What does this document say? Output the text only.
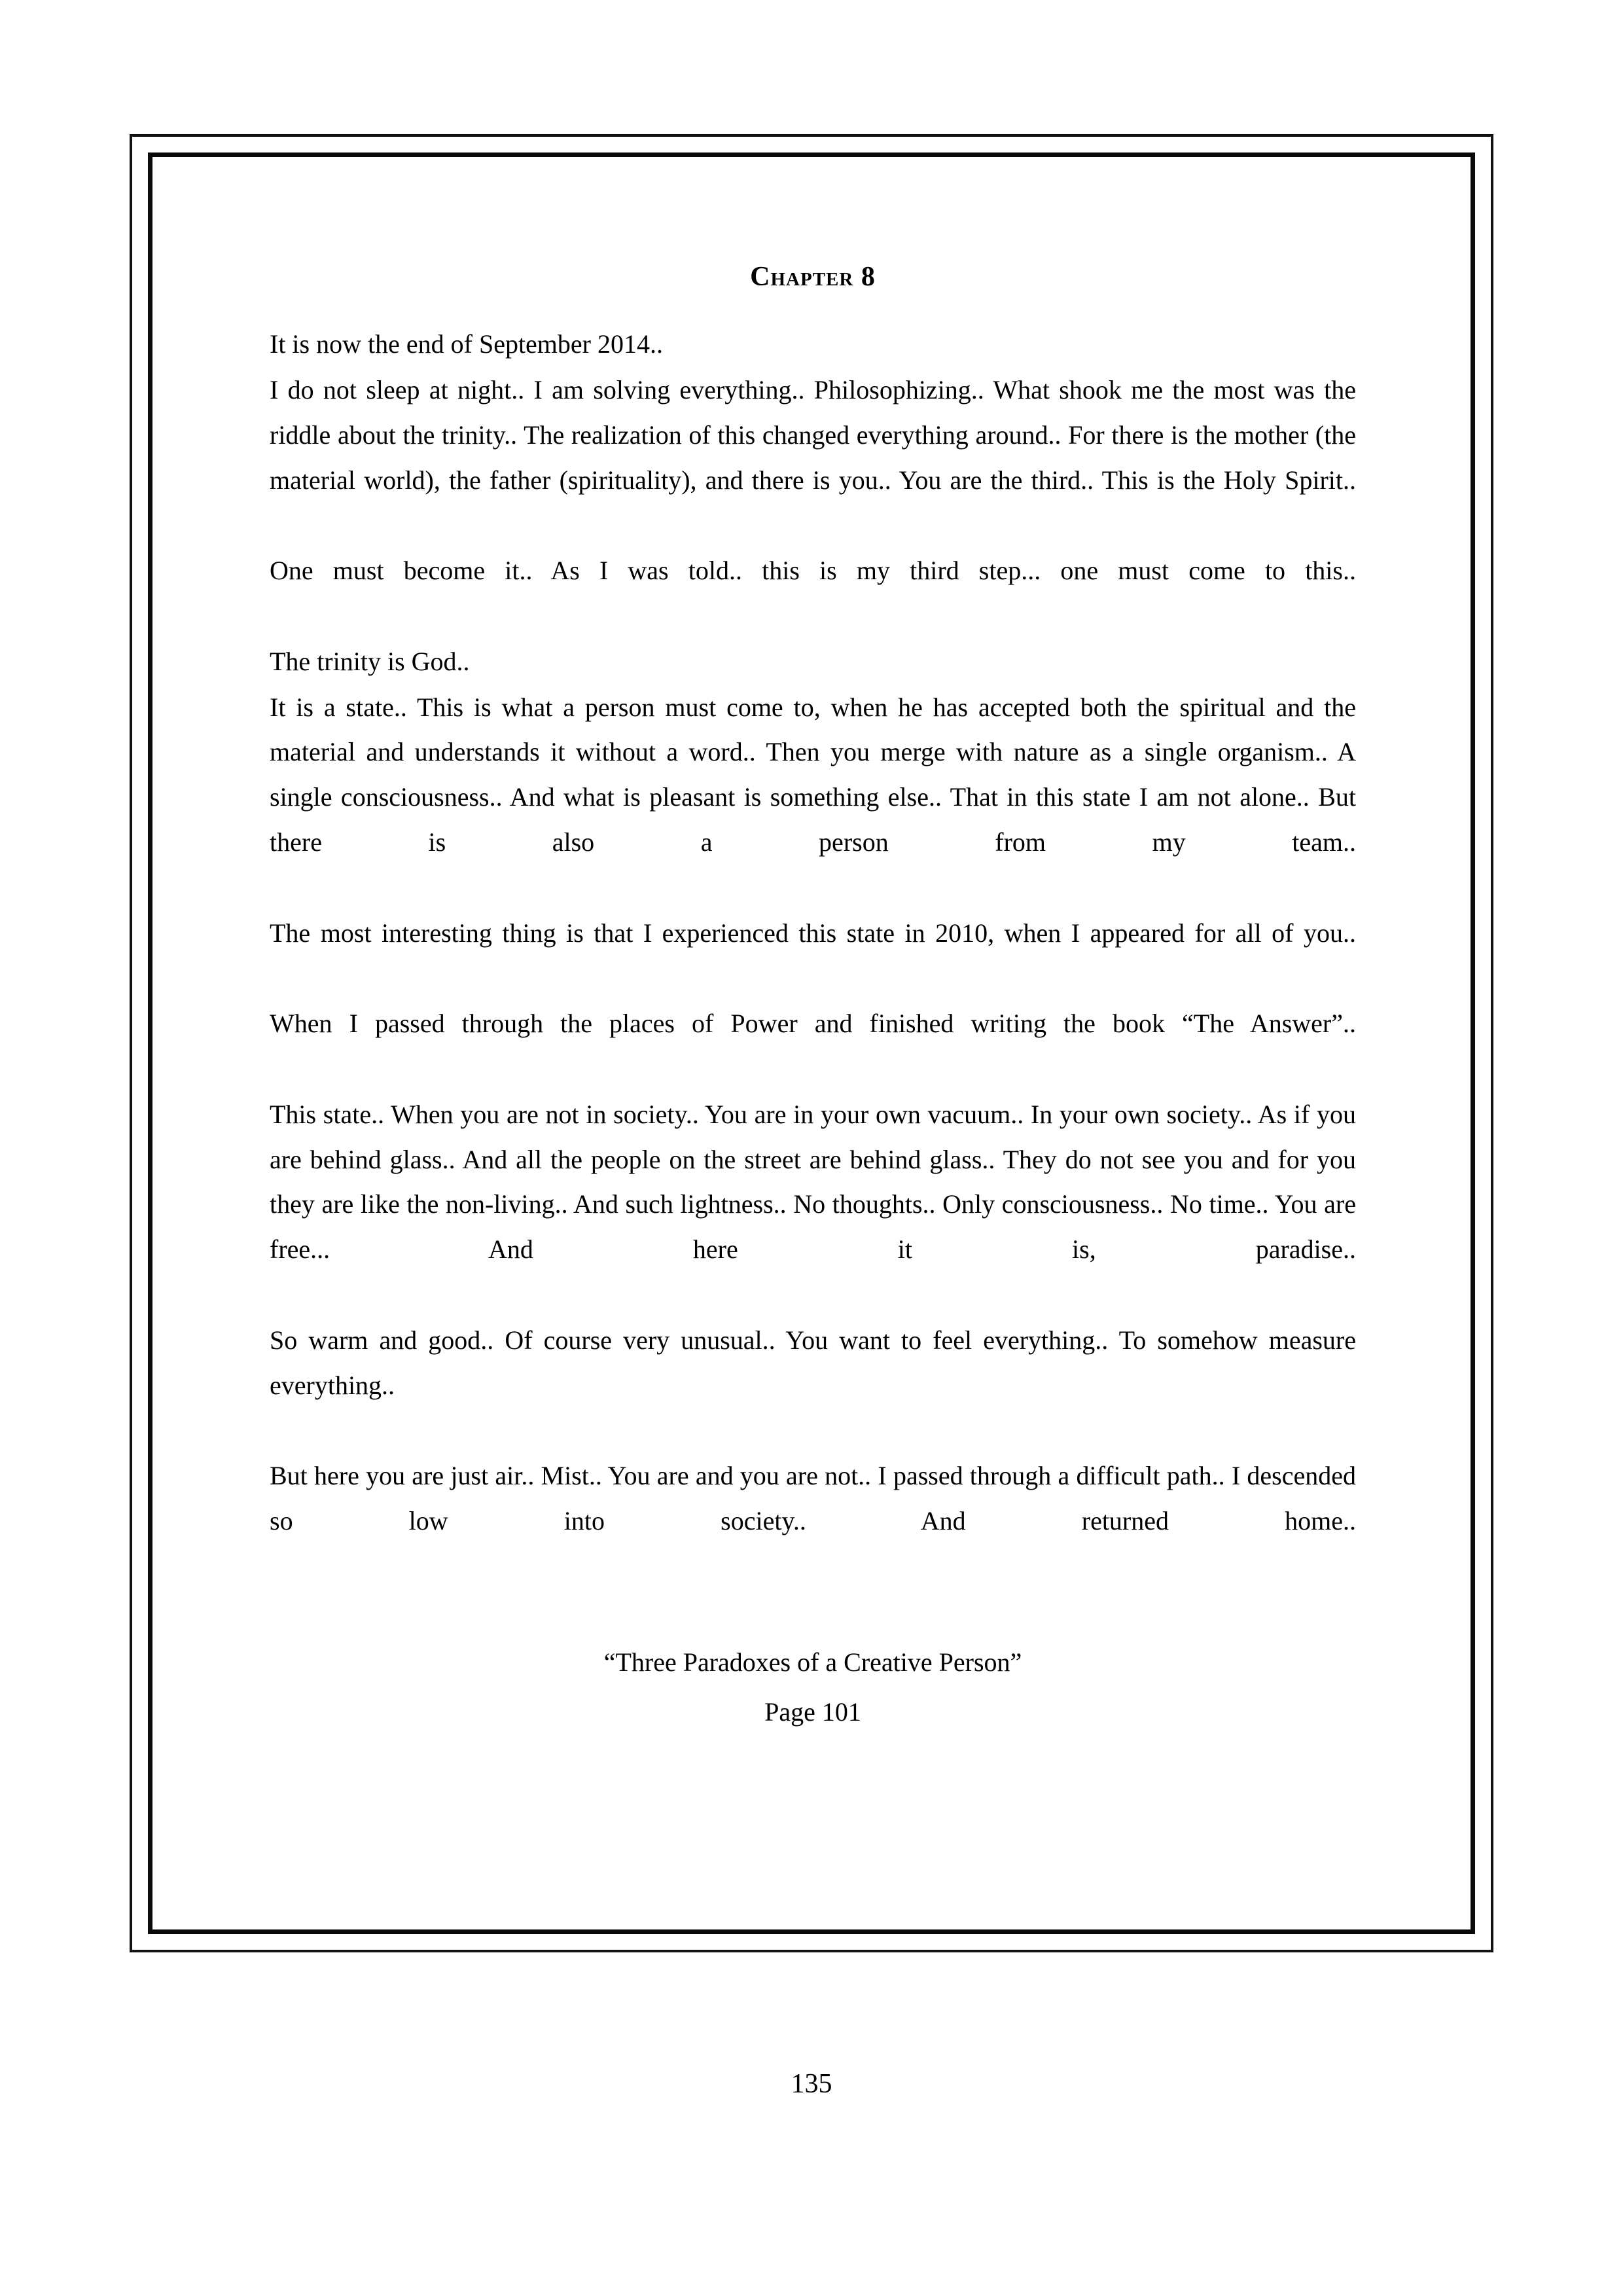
Chapter 8

It is now the end of September 2014..

I do not sleep at night.. I am solving everything.. Philosophizing.. What shook me the most was the riddle about the trinity.. The realization of this changed everything around.. For there is the mother (the material world), the father (spirituality), and there is you.. You are the third.. This is the Holy Spirit..

One must become it.. As I was told.. this is my third step... one must come to this..

The trinity is God..

It is a state.. This is what a person must come to, when he has accepted both the spiritual and the material and understands it without a word.. Then you merge with nature as a single organism.. A single consciousness.. And what is pleasant is something else.. That in this state I am not alone.. But there is also a person from my team..

The most interesting thing is that I experienced this state in 2010, when I appeared for all of you..

When I passed through the places of Power and finished writing the book “The Answer”..

This state.. When you are not in society.. You are in your own vacuum.. In your own society.. As if you are behind glass.. And all the people on the street are behind glass.. They do not see you and for you they are like the non-living.. And such lightness.. No thoughts.. Only consciousness.. No time.. You are free... And here it is, paradise..

So warm and good.. Of course very unusual.. You want to feel everything.. To somehow measure everything..

But here you are just air.. Mist.. You are and you are not.. I passed through a difficult path.. I descended so low into society.. And returned home..

“Three Paradoxes of a Creative Person”
Page 101
135
